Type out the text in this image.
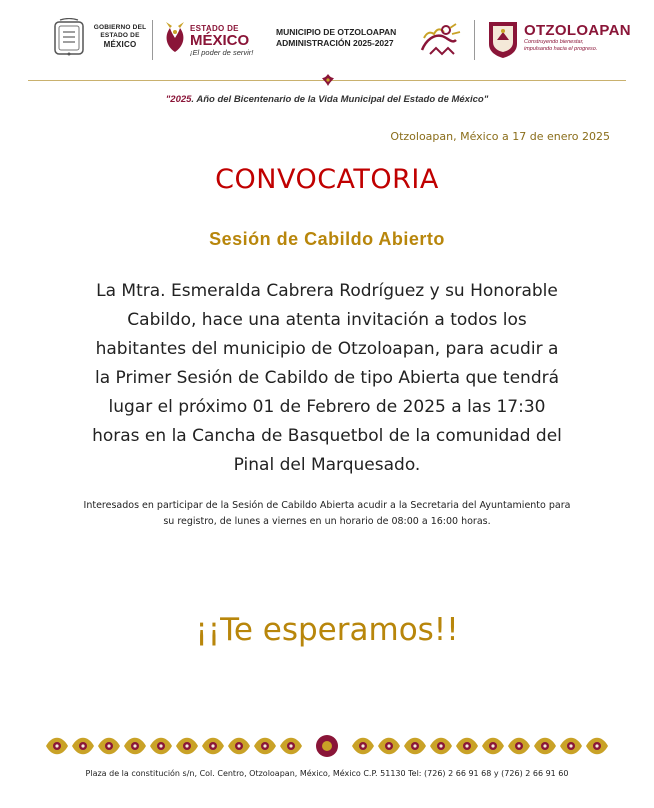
GOBIERNO DEL
ESTADO DE
MÉXICO
ESTADO DE
MÉXICO
¡El poder de servir!
MUNICIPIO DE OTZOLOAPAN
ADMINISTRACIÓN 2025-2027
OTZOLOAPAN
Construyendo bienestar,
impulsando hacia el progreso.
"2025. Año del Bicentenario de la Vida Municipal del Estado de México"
Otzoloapan, México a 17 de enero 2025
CONVOCATORIA
Sesión de Cabildo Abierto
La Mtra. Esmeralda Cabrera Rodríguez y su Honorable
Cabildo, hace una atenta invitación a todos los
habitantes del municipio de Otzoloapan, para acudir a
la Primer Sesión de Cabildo de tipo Abierta que tendrá
lugar el próximo 01 de Febrero de 2025 a las 17:30
horas en la Cancha de Basquetbol de la comunidad del
Pinal del Marquesado.
Interesados en participar de la Sesión de Cabildo Abierta acudir a la Secretaria del Ayuntamiento para
su registro, de lunes a viernes en un horario de 08:00 a 16:00 horas.
¡¡Te esperamos!!
Plaza de la constitución s/n, Col. Centro, Otzoloapan, México, México C.P. 51130 Tel: (726) 2 66 91 68 y (726) 2 66 91 60
